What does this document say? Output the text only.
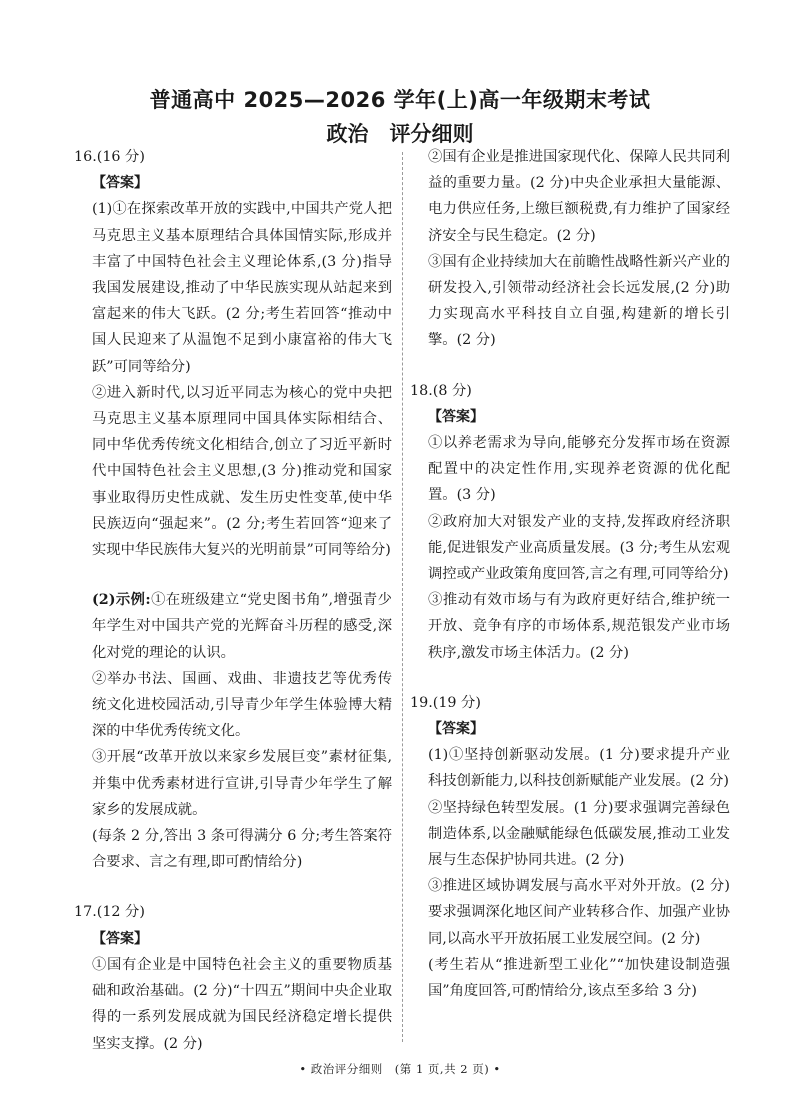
普通高中 2025—2026 学年(上)高一年级期末考试
政治　评分细则

16.(16 分)

【答案】

(1)①在探索改革开放的实践中,中国共产党人把马克思主义基本原理结合具体国情实际,形成并丰富了中国特色社会主义理论体系,(3 分)指导我国发展建设,推动了中华民族实现从站起来到富起来的伟大飞跃。(2 分;考生若回答“推动中国人民迎来了从温饱不足到小康富裕的伟大飞跃”可同等给分)

②进入新时代,以习近平同志为核心的党中央把马克思主义基本原理同中国具体实际相结合、同中华优秀传统文化相结合,创立了习近平新时代中国特色社会主义思想,(3 分)推动党和国家事业取得历史性成就、发生历史性变革,使中华民族迈向“强起来”。(2 分;考生若回答“迎来了实现中华民族伟大复兴的光明前景”可同等给分)

(2)示例:①在班级建立“党史图书角”,增强青少年学生对中国共产党的光辉奋斗历程的感受,深化对党的理论的认识。

②举办书法、国画、戏曲、非遗技艺等优秀传统文化进校园活动,引导青少年学生体验博大精深的中华优秀传统文化。

③开展“改革开放以来家乡发展巨变”素材征集,并集中优秀素材进行宣讲,引导青少年学生了解家乡的发展成就。

(每条 2 分,答出 3 条可得满分 6 分;考生答案符合要求、言之有理,即可酌情给分)

17.(12 分)

【答案】

①国有企业是中国特色社会主义的重要物质基础和政治基础。(2 分)“十四五”期间中央企业取得的一系列发展成就为国民经济稳定增长提供坚实支撑。(2 分)

②国有企业是推进国家现代化、保障人民共同利益的重要力量。(2 分)中央企业承担大量能源、电力供应任务,上缴巨额税费,有力维护了国家经济安全与民生稳定。(2 分)

③国有企业持续加大在前瞻性战略性新兴产业的研发投入,引领带动经济社会长远发展,(2 分)助力实现高水平科技自立自强,构建新的增长引擎。(2 分)

18.(8 分)

【答案】

①以养老需求为导向,能够充分发挥市场在资源配置中的决定性作用,实现养老资源的优化配置。(3 分)

②政府加大对银发产业的支持,发挥政府经济职能,促进银发产业高质量发展。(3 分;考生从宏观调控或产业政策角度回答,言之有理,可同等给分)

③推动有效市场与有为政府更好结合,维护统一开放、竞争有序的市场体系,规范银发产业市场秩序,激发市场主体活力。(2 分)

19.(19 分)

【答案】

(1)①坚持创新驱动发展。(1 分)要求提升产业科技创新能力,以科技创新赋能产业发展。(2 分)

②坚持绿色转型发展。(1 分)要求强调完善绿色制造体系,以金融赋能绿色低碳发展,推动工业发展与生态保护协同共进。(2 分)

③推进区域协调发展与高水平对外开放。(2 分)要求强调深化地区间产业转移合作、加强产业协同,以高水平开放拓展工业发展空间。(2 分)

(考生若从“推进新型工业化”“加快建设制造强国”角度回答,可酌情给分,该点至多给 3 分)

• 政治评分细则　(第 1 页,共 2 页) •
